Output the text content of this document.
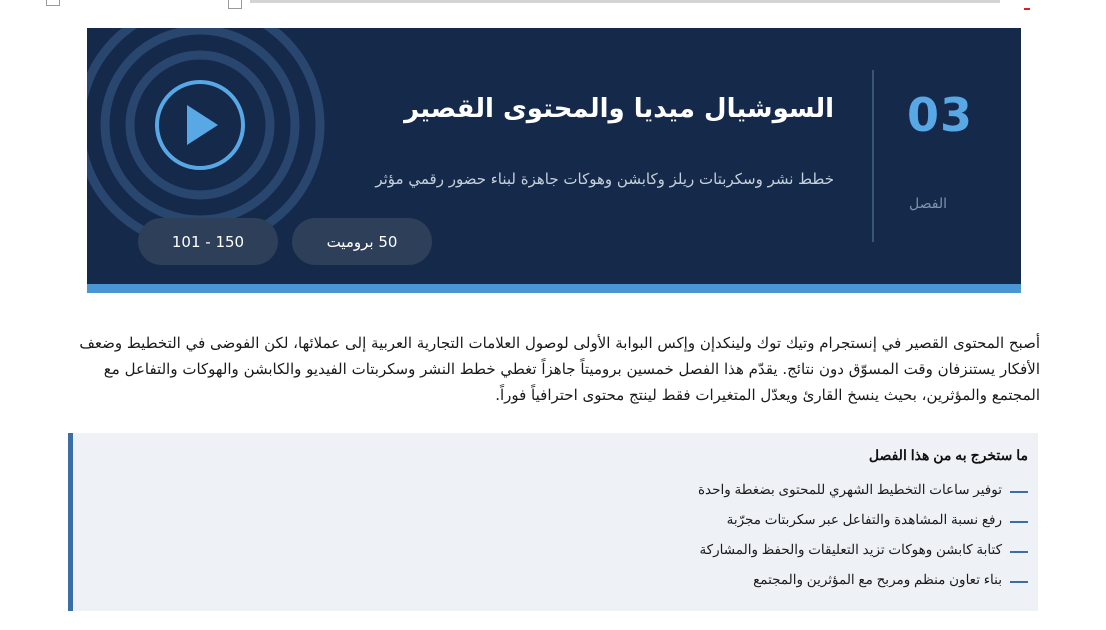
03
الفصل
السوشيال ميديا والمحتوى القصير
خطط نشر وسكربتات ريلز وكابشن وهوكات جاهزة لبناء حضور رقمي مؤثر
50 بروميت
101 - 150

أصبح المحتوى القصير في إنستجرام وتيك توك ولينكدإن وإكس البوابة الأولى لوصول العلامات التجارية العربية إلى عملائها، لكن الفوضى في التخطيط وضعف الأفكار يستنزفان وقت المسوّق دون نتائج. يقدّم هذا الفصل خمسين بروميتاً جاهزاً تغطي خطط النشر وسكربتات الفيديو والكابشن والهوكات والتفاعل مع المجتمع والمؤثرين، بحيث ينسخ القارئ ويعدّل المتغيرات فقط لينتج محتوى احترافياً فوراً.

ما ستخرج به من هذا الفصل
توفير ساعات التخطيط الشهري للمحتوى بضغطة واحدة
رفع نسبة المشاهدة والتفاعل عبر سكربتات مجرّبة
كتابة كابشن وهوكات تزيد التعليقات والحفظ والمشاركة
بناء تعاون منظم ومربح مع المؤثرين والمجتمع
